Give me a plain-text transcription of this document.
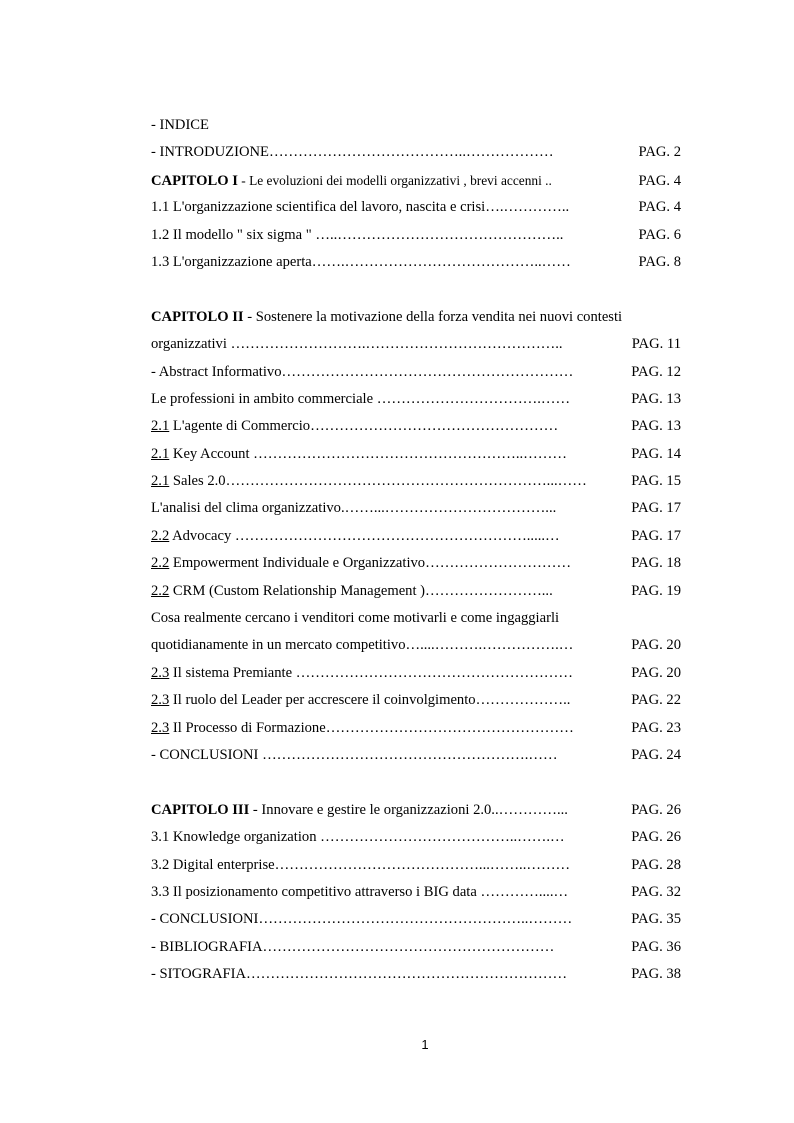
- INDICE
- INTRODUZIONE…………………………………..………………	PAG. 2
CAPITOLO I - Le evoluzioni dei modelli organizzativi , brevi accenni ..	PAG. 4
1.1 L'organizzazione scientifica del lavoro, nascita e crisi….…………..	PAG. 4
1.2 Il modello " six sigma " …..………………………………………..	PAG. 6
1.3 L'organizzazione aperta…….…………………………………..……	PAG. 8
CAPITOLO II - Sostenere la motivazione della forza vendita nei nuovi contesti
organizzativi ……………………….…………………………………..	PAG. 11
- Abstract Informativo……………………………………………………	PAG. 12
Le professioni in ambito commerciale …………………………….……	PAG. 13
2.1 L'agente di Commercio……………………………………………	PAG. 13
2.1 Key Account ………………………………………………..………	PAG. 14
2.1 Sales 2.0…………………………………………………………...……	PAG. 15
L'analisi del clima organizzativo.……...……………………………...	PAG. 17
2.2 Advocacy …………………………………………………….....…	PAG. 17
2.2 Empowerment Individuale e Organizzativo…………………………	PAG. 18
2.2 CRM (Custom Relationship Management )……………………...	PAG. 19
Cosa realmente cercano i venditori come motivarli e come ingaggiarli
quotidianamente in un mercato competitivo…....……….…………….…	PAG. 20
2.3 Il sistema Premiante …………………………………………………	PAG. 20
2.3 Il ruolo del Leader per accrescere il coinvolgimento………………..	PAG. 22
2.3 Il Processo di Formazione……………………………………………	PAG. 23
- CONCLUSIONI ……………………………………………….……	PAG. 24
CAPITOLO III - Innovare e gestire le organizzazioni 2.0..…………...	PAG. 26
3.1 Knowledge organization …………………………………..…….…	PAG. 26
3.2 Digital enterprise……………………………………...……..………	PAG. 28
3.3 Il posizionamento competitivo attraverso i BIG data …………....…	PAG. 32
- CONCLUSIONI………………………………………………..………	PAG. 35
- BIBLIOGRAFIA……………………………………………………	PAG. 36
- SITOGRAFIA…………………………………………………………	PAG. 38
1
